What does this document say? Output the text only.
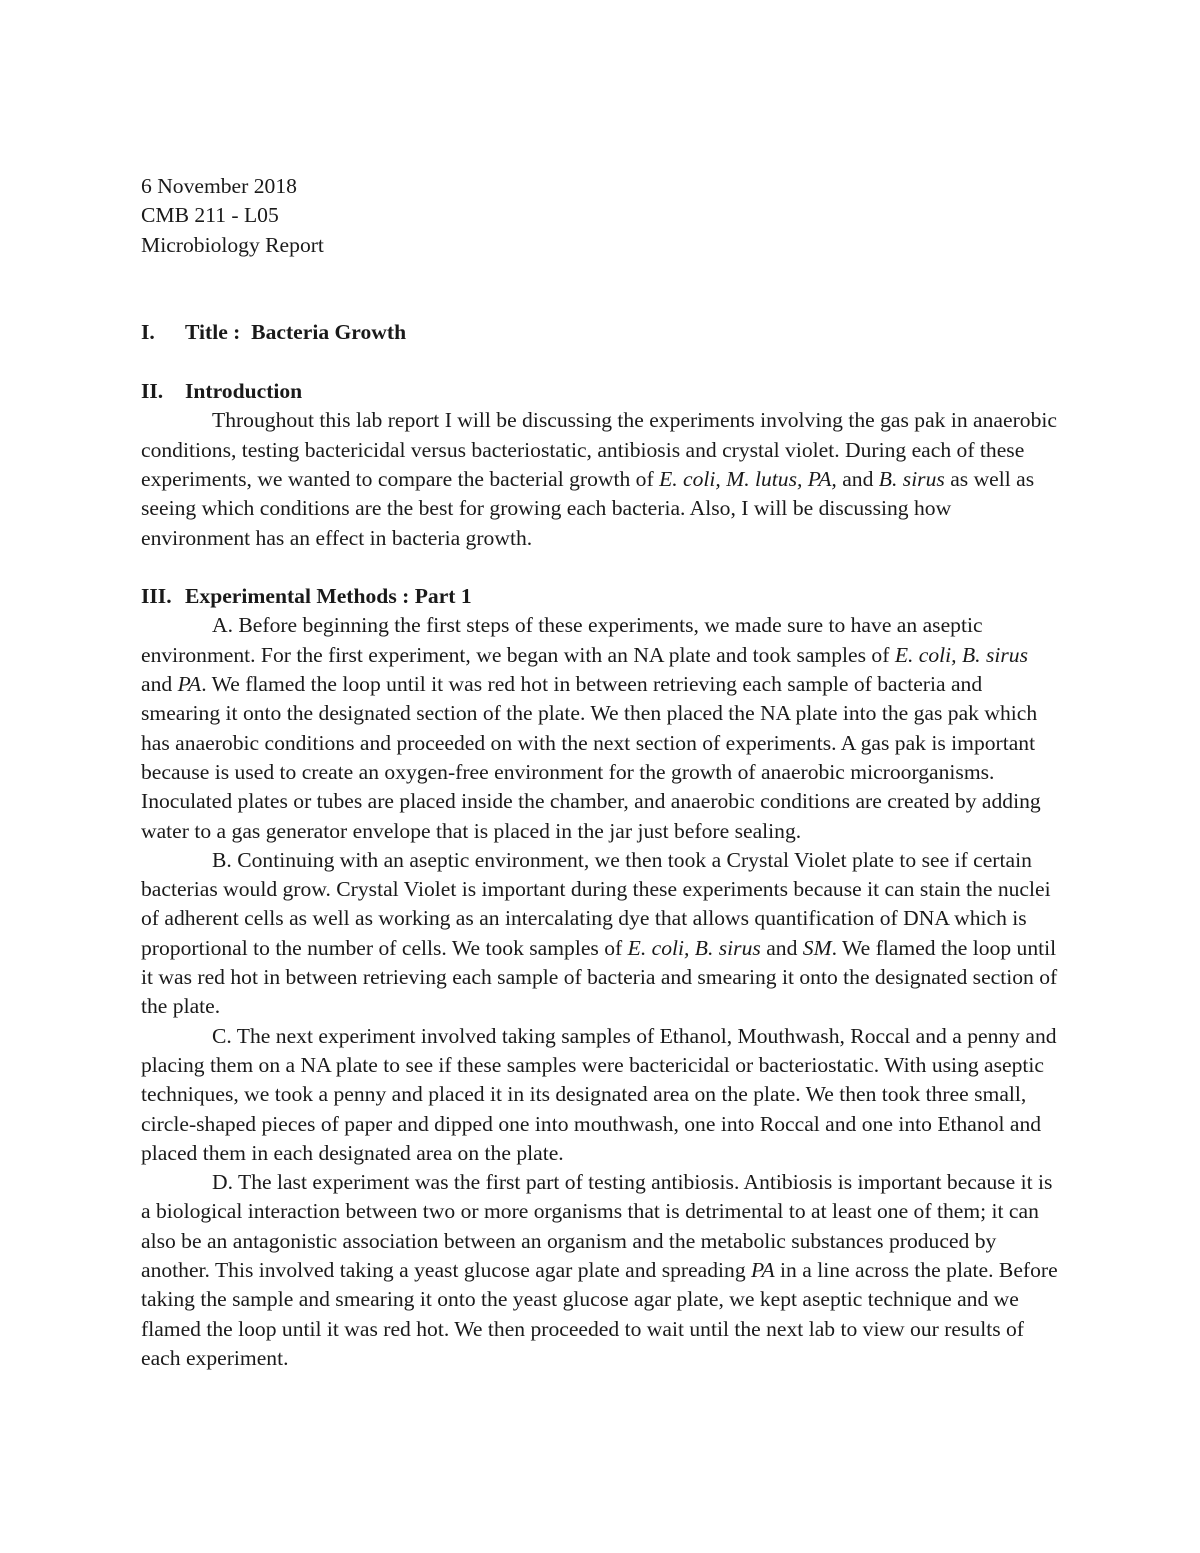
6 November 2018
CMB 211 - L05
Microbiology Report
I. Title :  Bacteria Growth
II. Introduction
Throughout this lab report I will be discussing the experiments involving the gas pak in anaerobic conditions, testing bactericidal versus bacteriostatic, antibiosis and crystal violet. During each of these experiments, we wanted to compare the bacterial growth of E. coli, M. lutus, PA, and B. sirus as well as seeing which conditions are the best for growing each bacteria. Also, I will be discussing how environment has an effect in bacteria growth.
III. Experimental Methods : Part 1
A. Before beginning the first steps of these experiments, we made sure to have an aseptic environment. For the first experiment, we began with an NA plate and took samples of E. coli, B. sirus and PA. We flamed the loop until it was red hot in between retrieving each sample of bacteria and smearing it onto the designated section of the plate. We then placed the NA plate into the gas pak which has anaerobic conditions and proceeded on with the next section of experiments. A gas pak is important because is used to create an oxygen-free environment for the growth of anaerobic microorganisms. Inoculated plates or tubes are placed inside the chamber, and anaerobic conditions are created by adding water to a gas generator envelope that is placed in the jar just before sealing.
B. Continuing with an aseptic environment, we then took a Crystal Violet plate to see if certain bacterias would grow. Crystal Violet is important during these experiments because it can stain the nuclei of adherent cells as well as working as an intercalating dye that allows quantification of DNA which is proportional to the number of cells. We took samples of E. coli, B. sirus and SM. We flamed the loop until it was red hot in between retrieving each sample of bacteria and smearing it onto the designated section of the plate.
C. The next experiment involved taking samples of Ethanol, Mouthwash, Roccal and a penny and placing them on a NA plate to see if these samples were bactericidal or bacteriostatic. With using aseptic techniques, we took a penny and placed it in its designated area on the plate. We then took three small, circle-shaped pieces of paper and dipped one into mouthwash, one into Roccal and one into Ethanol and placed them in each designated area on the plate.
D. The last experiment was the first part of testing antibiosis. Antibiosis is important because it is a biological interaction between two or more organisms that is detrimental to at least one of them; it can also be an antagonistic association between an organism and the metabolic substances produced by another. This involved taking a yeast glucose agar plate and spreading PA in a line across the plate. Before taking the sample and smearing it onto the yeast glucose agar plate, we kept aseptic technique and we flamed the loop until it was red hot. We then proceeded to wait until the next lab to view our results of each experiment.
